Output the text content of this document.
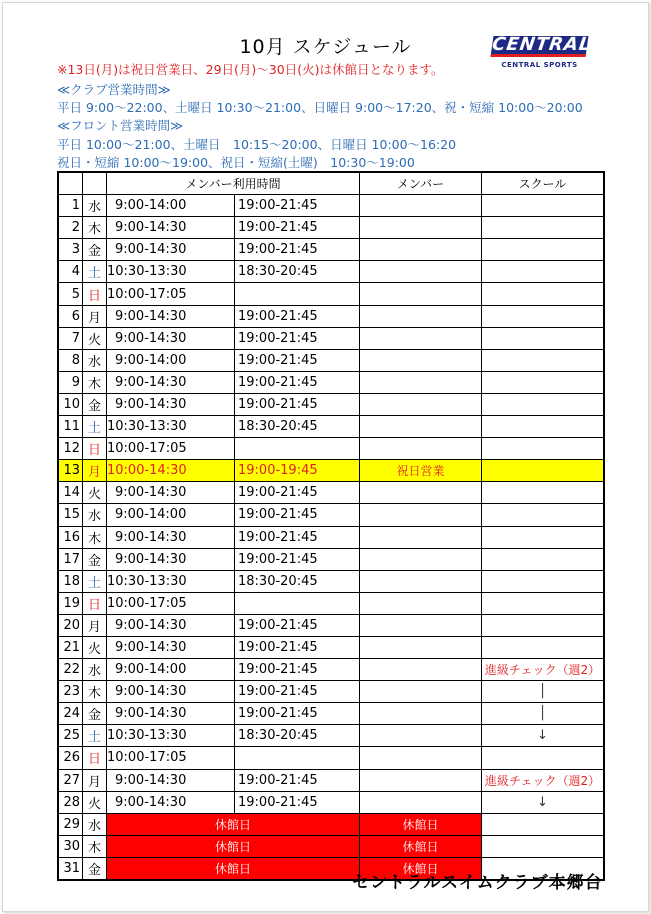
10月 スケジュール	CENTRAL
CENTRAL SPORTS
※13日(月)は祝日営業日、29日(月)～30日(火)は休館日となります。
≪クラブ営業時間≫
平日 9:00～22:00、土曜日 10:30～21:00、日曜日 9:00～17:20、祝・短縮 10:00～20:00
≪フロント営業時間≫
平日 10:00～21:00、土曜日　10:15～20:00、日曜日 10:00～16:20
祝日・短縮 10:00～19:00、祝日・短縮(土曜)　10:30～19:00
		メンバー利用時間		メンバー	スクール
1	水	9:00-14:00	19:00-21:45		
2	木	9:00-14:30	19:00-21:45		
3	金	9:00-14:30	19:00-21:45		
4	土	10:30-13:30	18:30-20:45		
5	日	10:00-17:05			
6	月	9:00-14:30	19:00-21:45		
7	火	9:00-14:30	19:00-21:45		
8	水	9:00-14:00	19:00-21:45		
9	木	9:00-14:30	19:00-21:45		
10	金	9:00-14:30	19:00-21:45		
11	土	10:30-13:30	18:30-20:45		
12	日	10:00-17:05			
13	月	10:00-14:30	19:00-19:45	祝日営業	
14	火	9:00-14:30	19:00-21:45		
15	水	9:00-14:00	19:00-21:45		
16	木	9:00-14:30	19:00-21:45		
17	金	9:00-14:30	19:00-21:45		
18	土	10:30-13:30	18:30-20:45		
19	日	10:00-17:05			
20	月	9:00-14:30	19:00-21:45		
21	火	9:00-14:30	19:00-21:45		
22	水	9:00-14:00	19:00-21:45		進級チェック（週2）
23	木	9:00-14:30	19:00-21:45		│
24	金	9:00-14:30	19:00-21:45		│
25	土	10:30-13:30	18:30-20:45		↓
26	日	10:00-17:05			
27	月	9:00-14:30	19:00-21:45		進級チェック（週2）
28	火	9:00-14:30	19:00-21:45		↓
29	水	休館日		休館日	
30	木	休館日		休館日	
31	金	休館日		休館日	
セントラルスイムクラブ本郷台
